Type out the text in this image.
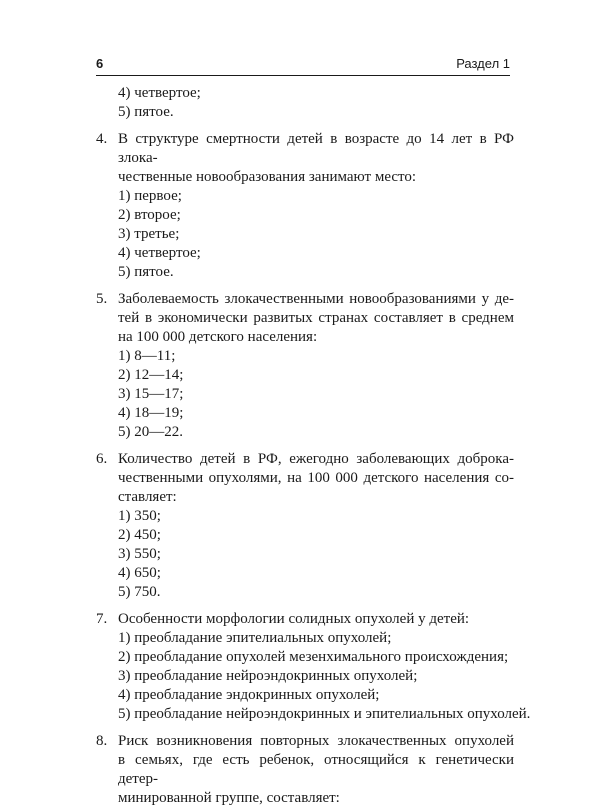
6	Раздел 1
4) четвертое;
5) пятое.
4. В структуре смертности детей в возрасте до 14 лет в РФ злока-
чественные новообразования занимают место:
1) первое;
2) второе;
3) третье;
4) четвертое;
5) пятое.
5. Заболеваемость злокачественными новообразованиями у де-
тей в экономически развитых странах составляет в среднем
на 100 000 детского населения:
1) 8—11;
2) 12—14;
3) 15—17;
4) 18—19;
5) 20—22.
6. Количество детей в РФ, ежегодно заболевающих доброка-
чественными опухолями, на 100 000 детского населения со-
ставляет:
1) 350;
2) 450;
3) 550;
4) 650;
5) 750.
7. Особенности морфологии солидных опухолей у детей:
1) преобладание эпителиальных опухолей;
2) преобладание опухолей мезенхимального происхождения;
3) преобладание нейроэндокринных опухолей;
4) преобладание эндокринных опухолей;
5) преобладание нейроэндокринных и эпителиальных опухолей.
8. Риск возникновения повторных злокачественных опухолей
в семьях, где есть ребенок, относящийся к генетически детер-
минированной группе, составляет:
